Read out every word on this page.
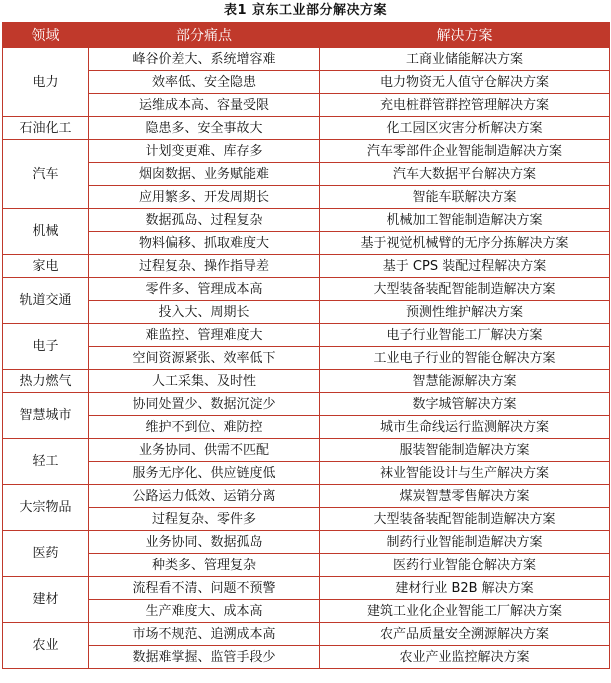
表1 京东工业部分解决方案
领域	部分痛点	解决方案
电力	峰谷价差大、系统增容难	工商业储能解决方案
	效率低、安全隐患	电力物资无人值守仓解决方案
	运维成本高、容量受限	充电桩群管群控管理解决方案
石油化工	隐患多、安全事故大	化工园区灾害分析解决方案
汽车	计划变更难、库存多	汽车零部件企业智能制造解决方案
	烟囱数据、业务赋能难	汽车大数据平台解决方案
	应用繁多、开发周期长	智能车联解决方案
机械	数据孤岛、过程复杂	机械加工智能制造解决方案
	物料偏移、抓取难度大	基于视觉机械臂的无序分拣解决方案
家电	过程复杂、操作指导差	基于 CPS 装配过程解决方案
轨道交通	零件多、管理成本高	大型装备装配智能制造解决方案
	投入大、周期长	预测性维护解决方案
电子	难监控、管理难度大	电子行业智能工厂解决方案
	空间资源紧张、效率低下	工业电子行业的智能仓解决方案
热力燃气	人工采集、及时性	智慧能源解决方案
智慧城市	协同处置少、数据沉淀少	数字城管解决方案
	维护不到位、难防控	城市生命线运行监测解决方案
轻工	业务协同、供需不匹配	服装智能制造解决方案
	服务无序化、供应链度低	袜业智能设计与生产解决方案
大宗物品	公路运力低效、运销分离	煤炭智慧零售解决方案
	过程复杂、零件多	大型装备装配智能制造解决方案
医药	业务协同、数据孤岛	制药行业智能制造解决方案
	种类多、管理复杂	医药行业智能仓解决方案
建材	流程看不清、问题不预警	建材行业 B2B 解决方案
	生产难度大、成本高	建筑工业化企业智能工厂解决方案
农业	市场不规范、追溯成本高	农产品质量安全溯源解决方案
	数据难掌握、监管手段少	农业产业监控解决方案
